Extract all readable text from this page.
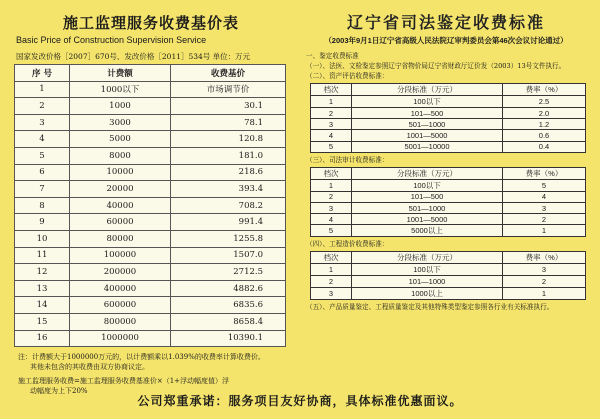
施工监理服务收费基价表
Basic Price of Construction Supervision Service
国家发改价格［2007］670号、发改价格［2011］534号 单位：万元
序 号	计费额	收费基价
1	1000以下	市场调节价
2	1000	30.1
3	3000	78.1
4	5000	120.8
5	8000	181.0
6	10000	218.6
7	20000	393.4
8	40000	708.2
9	60000	991.4
10	80000	1255.8
11	100000	1507.0
12	200000	2712.5
13	400000	4882.6
14	600000	6835.6
15	800000	8658.4
16	1000000	10390.1
注：计费额大于1000000万元的，以计费额乘以1.039%的收费率计算收费价。
其他未包含的其收费由双方协商议定。
施工监理服务收费=施工监理服务收费基准价×（1+浮动幅度值）浮
动幅度为上下20%
辽宁省司法鉴定收费标准
（2003年9月1日辽宁省高级人民法院辽审判委员会第46次会议讨论通过）
一、鉴定收费标准
（一）、法医、文检鉴定参照辽宁省物价局辽宁省财政厅辽价发（2003）13号文件执行。
（二）、资产评估收费标准：
档次	分段标准（万元）	费率（%）
1	100以下	2.5
2	101—500	2.0
3	501—1000	1.2
4	1001—5000	0.6
5	5001—10000	0.4
（三）、司法审计收费标准：
档次	分段标准（万元）	费率（%）
1	100以下	5
2	101—500	4
3	501—1000	3
4	1001—5000	2
5	5000以上	1
（四）、工程造价收费标准：
档次	分段标准（万元）	费率（%）
1	100以下	3
2	101—1000	2
3	1000以上	1
（五）、产品质量鉴定、工程质量鉴定及其他特殊类型鉴定参照各行业有关标准执行。
公司郑重承诺：服务项目友好协商，具体标准优惠面议。
